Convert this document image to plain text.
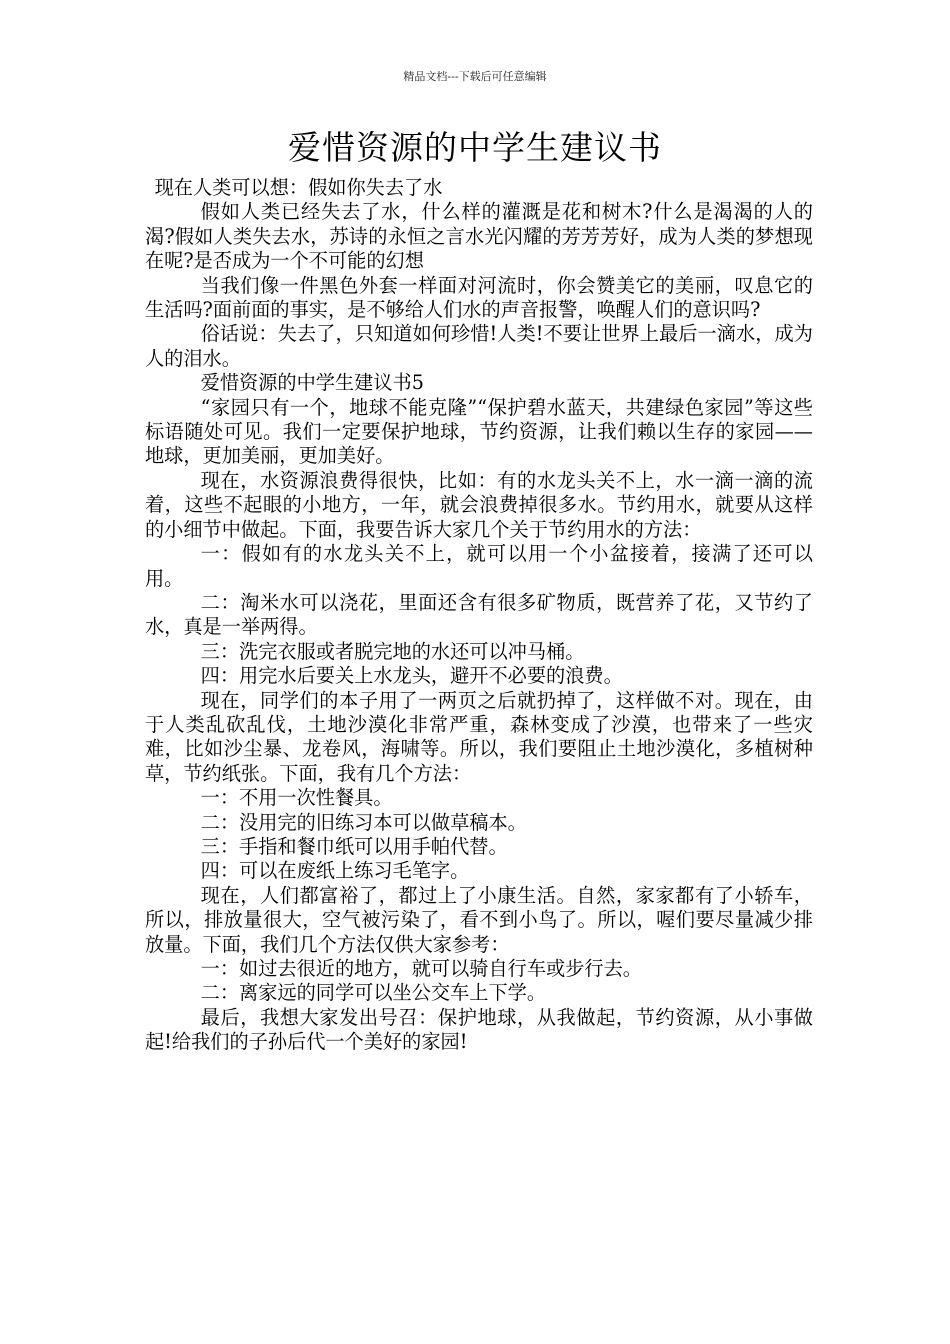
精品文档---下载后可任意编辑
爱惜资源的中学生建议书

现在人类可以想：假如你失去了水

假如人类已经失去了水，什么样的灌溉是花和树木?什么是渴渴的人的渴?假如人类失去水，苏诗的永恒之言水光闪耀的芳芳芳好，成为人类的梦想现在呢?是否成为一个不可能的幻想

当我们像一件黑色外套一样面对河流时，你会赞美它的美丽，叹息它的生活吗?面前面的事实，是不够给人们水的声音报警，唤醒人们的意识吗?

俗话说：失去了，只知道如何珍惜!人类!不要让世界上最后一滴水，成为人的泪水。

爱惜资源的中学生建议书5

“家园只有一个，地球不能克隆”“保护碧水蓝天，共建绿色家园”等这些标语随处可见。我们一定要保护地球，节约资源，让我们赖以生存的家园——地球，更加美丽，更加美好。

现在，水资源浪费得很快，比如：有的水龙头关不上，水一滴一滴的流着，这些不起眼的小地方，一年，就会浪费掉很多水。节约用水，就要从这样的小细节中做起。下面，我要告诉大家几个关于节约用水的方法：

一：假如有的水龙头关不上，就可以用一个小盆接着，接满了还可以用。

二：淘米水可以浇花，里面还含有很多矿物质，既营养了花，又节约了水，真是一举两得。

三：洗完衣服或者脱完地的水还可以冲马桶。

四：用完水后要关上水龙头，避开不必要的浪费。

现在，同学们的本子用了一两页之后就扔掉了，这样做不对。现在，由于人类乱砍乱伐，土地沙漠化非常严重，森林变成了沙漠，也带来了一些灾难，比如沙尘暴、龙卷风，海啸等。所以，我们要阻止土地沙漠化，多植树种草，节约纸张。下面，我有几个方法：

一：不用一次性餐具。

二：没用完的旧练习本可以做草稿本。

三：手指和餐巾纸可以用手帕代替。

四：可以在废纸上练习毛笔字。

现在，人们都富裕了，都过上了小康生活。自然，家家都有了小轿车，所以，排放量很大，空气被污染了，看不到小鸟了。所以，喔们要尽量减少排放量。下面，我们几个方法仅供大家参考：

一：如过去很近的地方，就可以骑自行车或步行去。

二：离家远的同学可以坐公交车上下学。

最后，我想大家发出号召：保护地球，从我做起，节约资源，从小事做起!给我们的子孙后代一个美好的家园!
